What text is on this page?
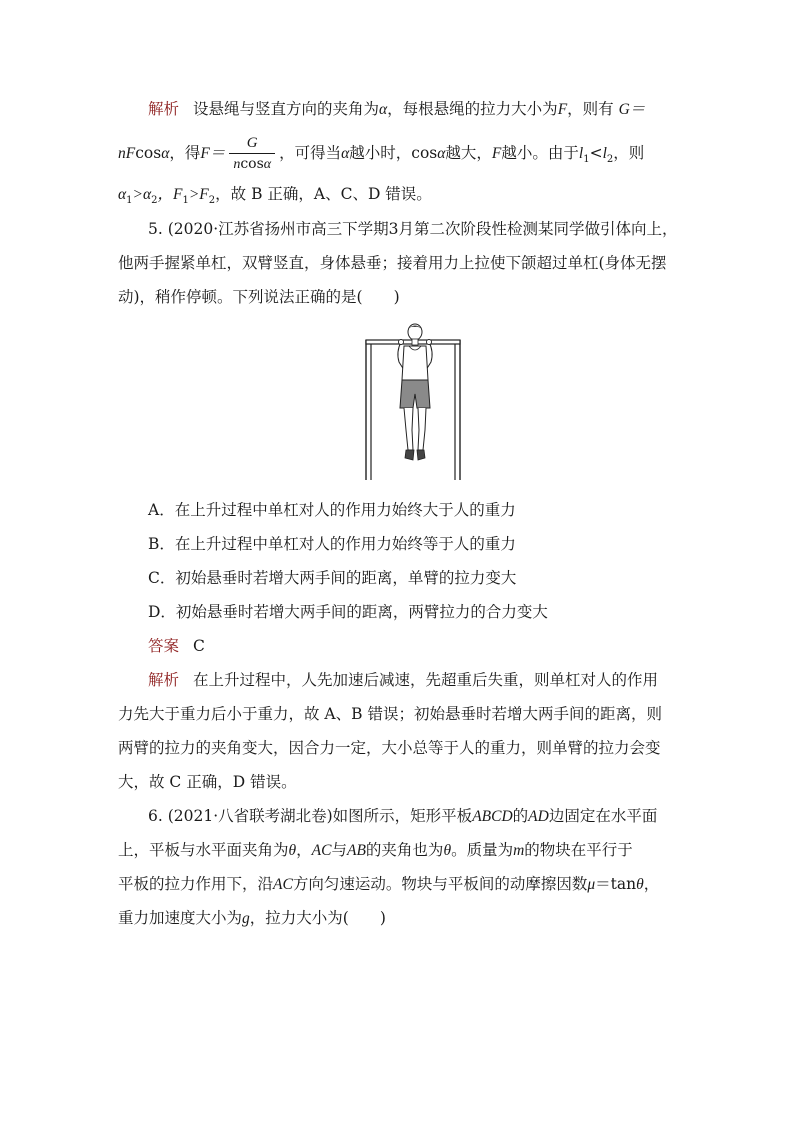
解析 设悬绳与竖直方向的夹角为α，每根悬绳的拉力大小为F，则有 G＝
nFcosα，得$F= \frac{G}{ncos\alpha}$ ，可得当α越小时，cosα越大，F越小。由于$l_1<l_2$，则
$\alpha_1>\alpha_2$，$F_1>F_2$，故 B 正确，A、C、D 错误。
5. (2020·江苏省扬州市高三下学期3月第二次阶段性检测某同学做引体向上，
他两手握紧单杠，双臂竖直，身体悬垂；接着用力上拉使下颌超过单杠(身体无摆
动)，稍作停顿。下列说法正确的是(　　)
A．在上升过程中单杠对人的作用力始终大于人的重力
B．在上升过程中单杠对人的作用力始终等于人的重力
C．初始悬垂时若增大两手间的距离，单臂的拉力变大
D．初始悬垂时若增大两手间的距离，两臂拉力的合力变大
答案 C
解析 在上升过程中，人先加速后减速，先超重后失重，则单杠对人的作用
力先大于重力后小于重力，故 A、B 错误；初始悬垂时若增大两手间的距离，则
两臂的拉力的夹角变大，因合力一定，大小总等于人的重力，则单臂的拉力会变
大，故 C 正确，D 错误。
6. (2021·八省联考湖北卷)如图所示，矩形平板ABCD的AD边固定在水平面
上，平板与水平面夹角为θ，AC与AB的夹角也为θ。质量为m的物块在平行于
平板的拉力作用下，沿AC方向匀速运动。物块与平板间的动摩擦因数μ＝tanθ，
重力加速度大小为g，拉力大小为(　　)
